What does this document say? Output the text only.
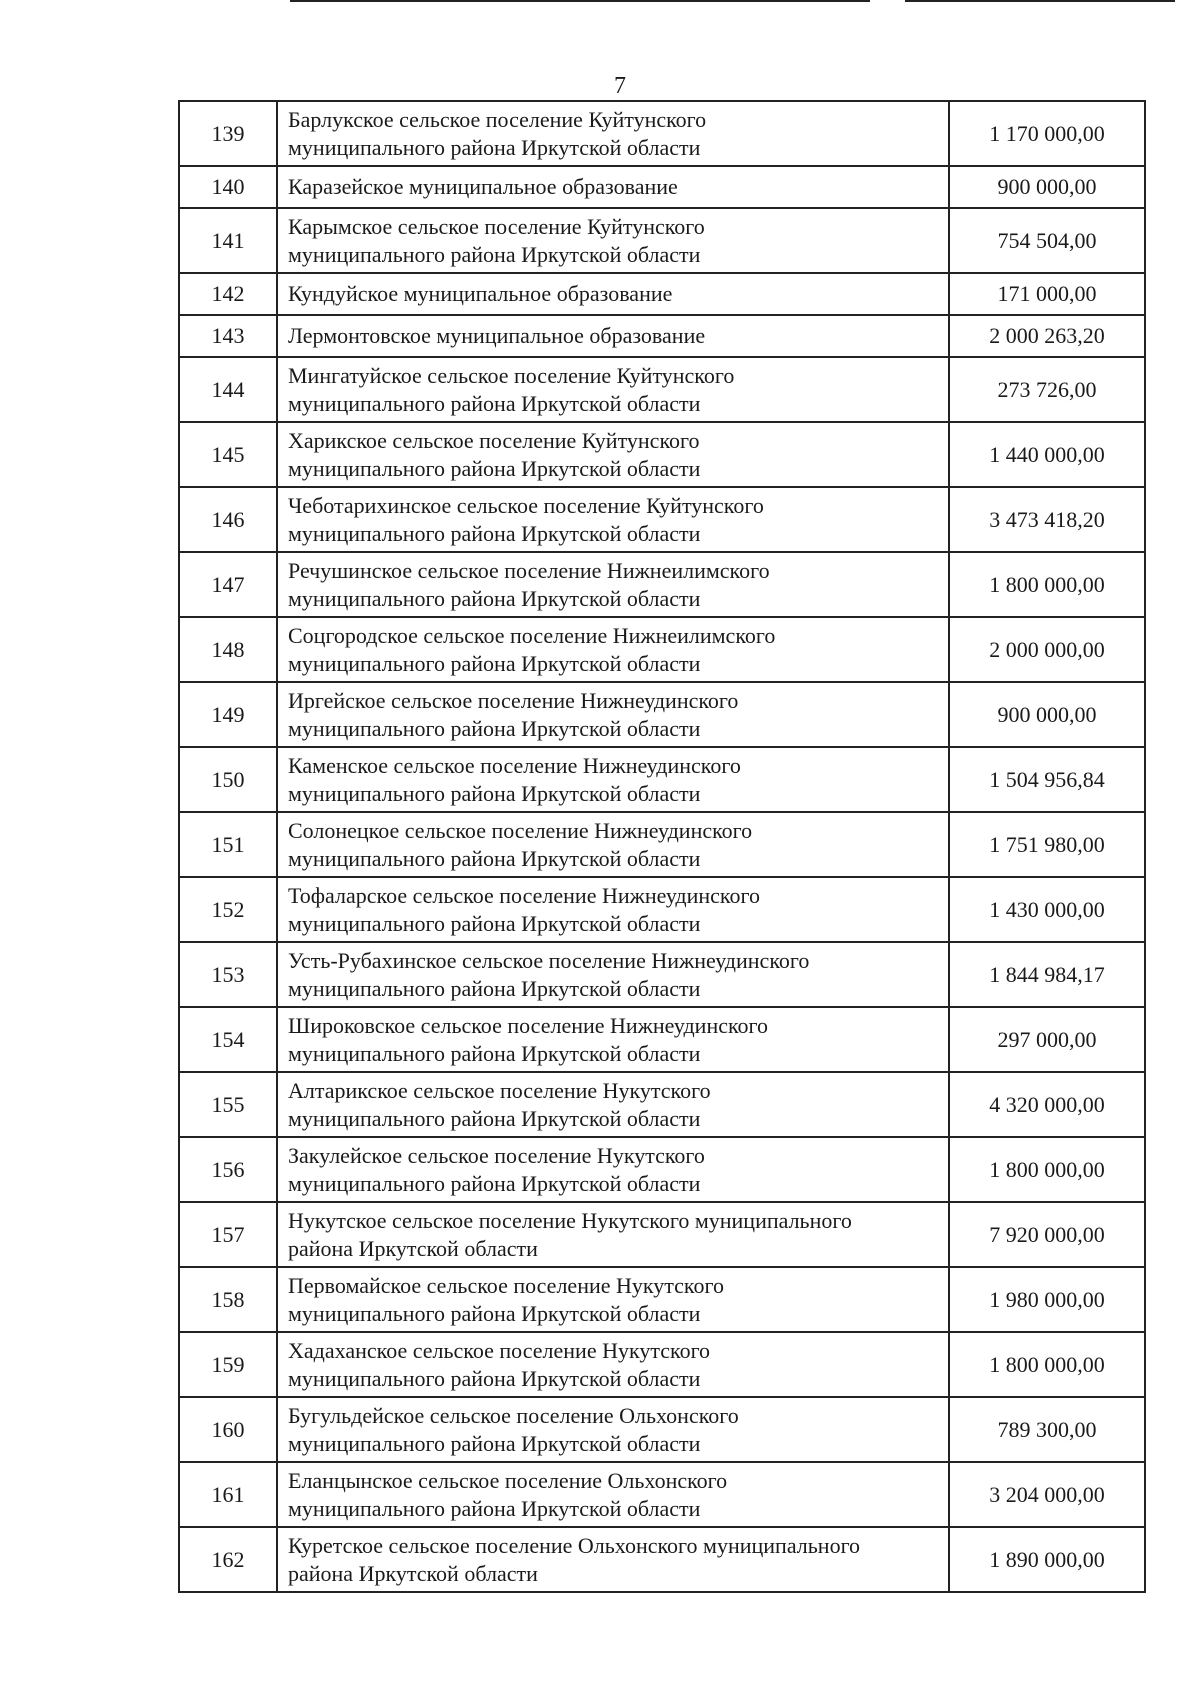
7
139	Барлукское сельское поселение Куйтунского
муниципального района Иркутской области	1 170 000,00
140	Каразейское муниципальное образование	900 000,00
141	Карымское сельское поселение Куйтунского
муниципального района Иркутской области	754 504,00
142	Кундуйское муниципальное образование	171 000,00
143	Лермонтовское муниципальное образование	2 000 263,20
144	Мингатуйское сельское поселение Куйтунского
муниципального района Иркутской области	273 726,00
145	Харикское сельское поселение Куйтунского
муниципального района Иркутской области	1 440 000,00
146	Чеботарихинское сельское поселение Куйтунского
муниципального района Иркутской области	3 473 418,20
147	Речушинское сельское поселение Нижнеилимского
муниципального района Иркутской области	1 800 000,00
148	Соцгородское сельское поселение Нижнеилимского
муниципального района Иркутской области	2 000 000,00
149	Иргейское сельское поселение Нижнеудинского
муниципального района Иркутской области	900 000,00
150	Каменское сельское поселение Нижнеудинского
муниципального района Иркутской области	1 504 956,84
151	Солонецкое сельское поселение Нижнеудинского
муниципального района Иркутской области	1 751 980,00
152	Тофаларское сельское поселение Нижнеудинского
муниципального района Иркутской области	1 430 000,00
153	Усть-Рубахинское сельское поселение Нижнеудинского
муниципального района Иркутской области	1 844 984,17
154	Широковское сельское поселение Нижнеудинского
муниципального района Иркутской области	297 000,00
155	Алтарикское сельское поселение Нукутского
муниципального района Иркутской области	4 320 000,00
156	Закулейское сельское поселение Нукутского
муниципального района Иркутской области	1 800 000,00
157	Нукутское сельское поселение Нукутского муниципального
района Иркутской области	7 920 000,00
158	Первомайское сельское поселение Нукутского
муниципального района Иркутской области	1 980 000,00
159	Хадаханское сельское поселение Нукутского
муниципального района Иркутской области	1 800 000,00
160	Бугульдейское сельское поселение Ольхонского
муниципального района Иркутской области	789 300,00
161	Еланцынское сельское поселение Ольхонского
муниципального района Иркутской области	3 204 000,00
162	Куретское сельское поселение Ольхонского муниципального
района Иркутской области	1 890 000,00
